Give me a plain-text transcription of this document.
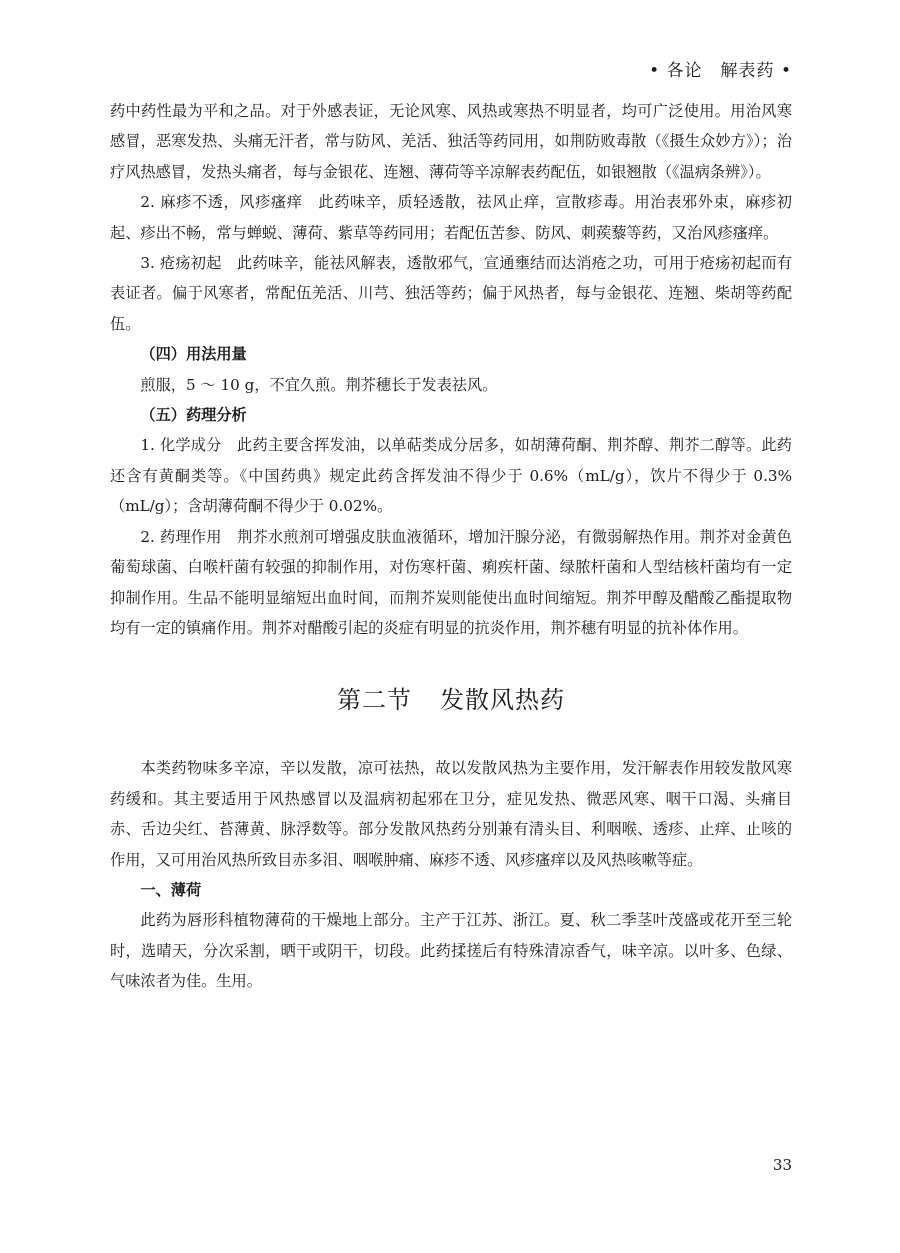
• 各论　解表药 •

药中药性最为平和之品。对于外感表证，无论风寒、风热或寒热不明显者，均可广泛使用。用治风寒感冒，恶寒发热、头痛无汗者，常与防风、羌活、独活等药同用，如荆防败毒散（《摄生众妙方》）；治疗风热感冒，发热头痛者，每与金银花、连翘、薄荷等辛凉解表药配伍，如银翘散（《温病条辨》）。

2. 麻疹不透，风疹瘙痒　此药味辛，质轻透散，祛风止痒，宣散疹毒。用治表邪外束，麻疹初起、疹出不畅，常与蝉蜕、薄荷、紫草等药同用；若配伍苦参、防风、刺蒺藜等药，又治风疹瘙痒。

3. 疮疡初起　此药味辛，能祛风解表，透散邪气，宣通壅结而达消疮之功，可用于疮疡初起而有表证者。偏于风寒者，常配伍羌活、川芎、独活等药；偏于风热者，每与金银花、连翘、柴胡等药配伍。

（四）用法用量

煎服，5 ～ 10 g，不宜久煎。荆芥穗长于发表祛风。

（五）药理分析

1. 化学成分　此药主要含挥发油，以单萜类成分居多，如胡薄荷酮、荆芥醇、荆芥二醇等。此药还含有黄酮类等。《中国药典》规定此药含挥发油不得少于 0.6%（mL/g），饮片不得少于 0.3%（mL/g）；含胡薄荷酮不得少于 0.02%。

2. 药理作用　荆芥水煎剂可增强皮肤血液循环，增加汗腺分泌，有微弱解热作用。荆芥对金黄色葡萄球菌、白喉杆菌有较强的抑制作用，对伤寒杆菌、痢疾杆菌、绿脓杆菌和人型结核杆菌均有一定抑制作用。生品不能明显缩短出血时间，而荆芥炭则能使出血时间缩短。荆芥甲醇及醋酸乙酯提取物均有一定的镇痛作用。荆芥对醋酸引起的炎症有明显的抗炎作用，荆芥穗有明显的抗补体作用。

第二节 发散风热药

本类药物味多辛凉，辛以发散，凉可祛热，故以发散风热为主要作用，发汗解表作用较发散风寒药缓和。其主要适用于风热感冒以及温病初起邪在卫分，症见发热、微恶风寒、咽干口渴、头痛目赤、舌边尖红、苔薄黄、脉浮数等。部分发散风热药分别兼有清头目、利咽喉、透疹、止痒、止咳的作用，又可用治风热所致目赤多泪、咽喉肿痛、麻疹不透、风疹瘙痒以及风热咳嗽等症。

一、薄荷

此药为唇形科植物薄荷的干燥地上部分。主产于江苏、浙江。夏、秋二季茎叶茂盛或花开至三轮时，选晴天，分次采割，晒干或阴干，切段。此药揉搓后有特殊清凉香气，味辛凉。以叶多、色绿、气味浓者为佳。生用。

33
